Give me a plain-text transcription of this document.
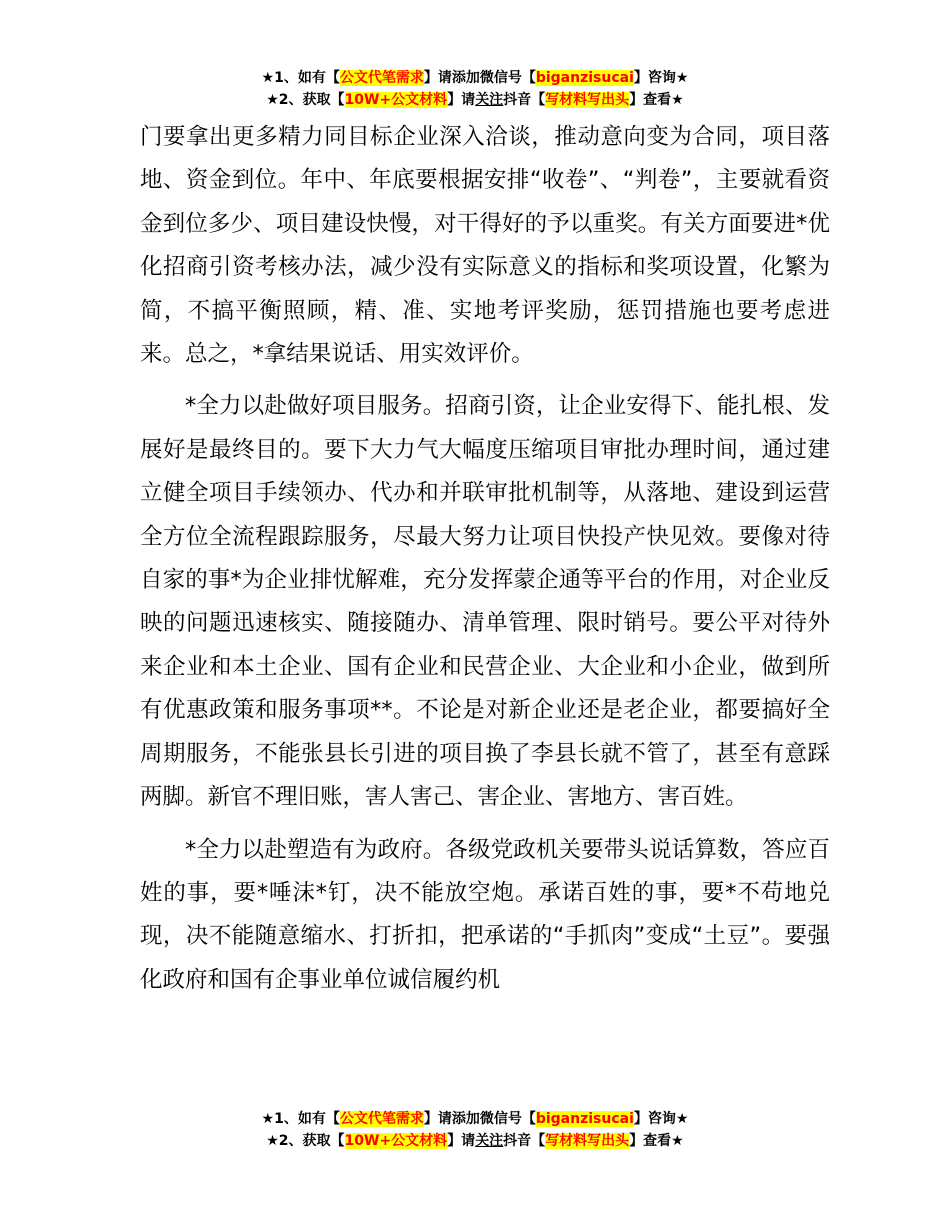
★1、如有【公文代笔需求】请添加微信号【biganzisucai】咨询★
★2、获取【10W+公文材料】请关注抖音【写材料写出头】查看★

门要拿出更多精力同目标企业深入洽谈，推动意向变为合同，项目落地、资金到位。年中、年底要根据安排“收卷”、“判卷”，主要就看资金到位多少、项目建设快慢，对干得好的予以重奖。有关方面要进*优化招商引资考核办法，减少没有实际意义的指标和奖项设置，化繁为简，不搞平衡照顾，精、准、实地考评奖励，惩罚措施也要考虑进来。总之，*拿结果说话、用实效评价。

*全力以赴做好项目服务。招商引资，让企业安得下、能扎根、发展好是最终目的。要下大力气大幅度压缩项目审批办理时间，通过建立健全项目手续领办、代办和并联审批机制等，从落地、建设到运营全方位全流程跟踪服务，尽最大努力让项目快投产快见效。要像对待自家的事*为企业排忧解难，充分发挥蒙企通等平台的作用，对企业反映的问题迅速核实、随接随办、清单管理、限时销号。要公平对待外来企业和本土企业、国有企业和民营企业、大企业和小企业，做到所有优惠政策和服务事项**。不论是对新企业还是老企业，都要搞好全周期服务，不能张县长引进的项目换了李县长就不管了，甚至有意踩两脚。新官不理旧账，害人害己、害企业、害地方、害百姓。

*全力以赴塑造有为政府。各级党政机关要带头说话算数，答应百姓的事，要*唾沫*钉，决不能放空炮。承诺百姓的事，要*不苟地兑现，决不能随意缩水、打折扣，把承诺的“手抓肉”变成“土豆”。要强化政府和国有企事业单位诚信履约机

★1、如有【公文代笔需求】请添加微信号【biganzisucai】咨询★
★2、获取【10W+公文材料】请关注抖音【写材料写出头】查看★
